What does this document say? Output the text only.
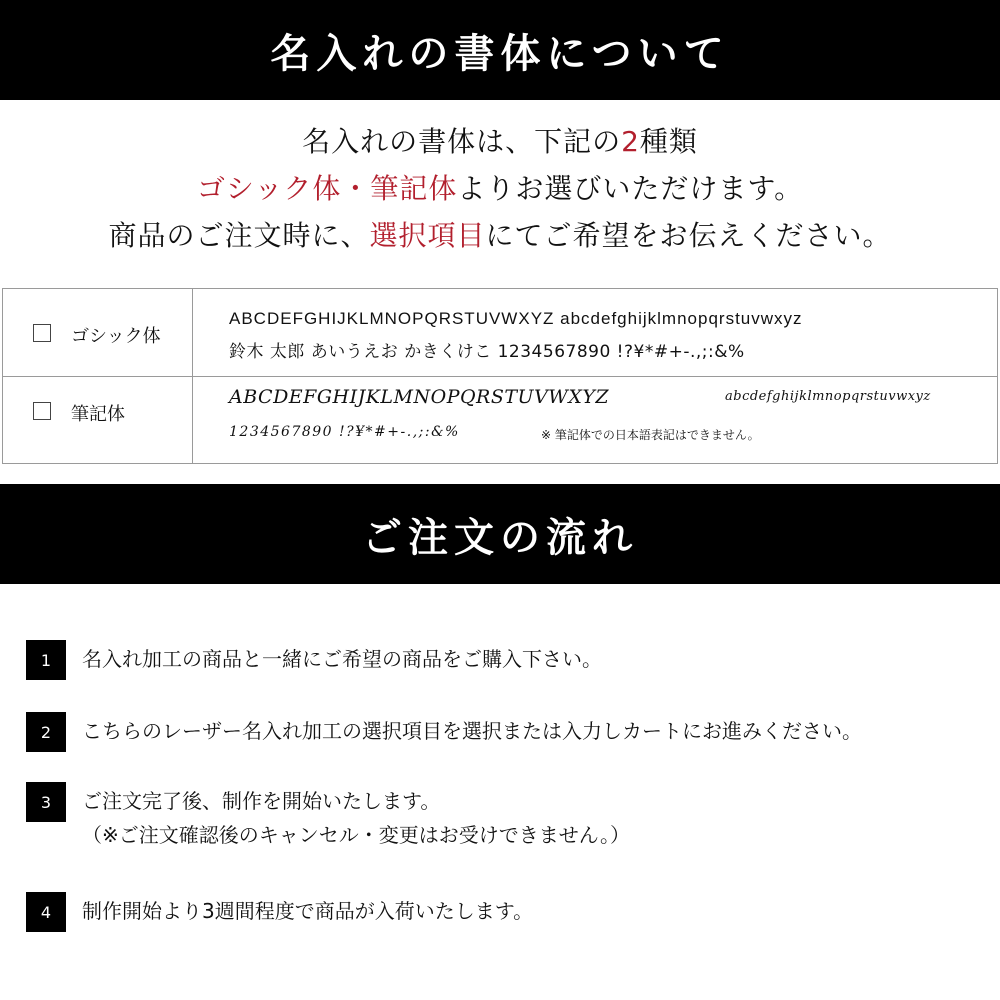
名入れの書体について
名入れの書体は、下記の2種類
ゴシック体・筆記体よりお選びいただけます。
商品のご注文時に、選択項目にてご希望をお伝えください。
ゴシック体
ABCDEFGHIJKLMNOPQRSTUVWXYZ abcdefghijklmnopqrstuvwxyz
鈴木 太郎 あいうえお かきくけこ 1234567890 !?¥*#+-.,;:&%
筆記体
ABCDEFGHIJKLMNOPQRSTUVWXYZ	abcdefghijklmnopqrstuvwxyz
1234567890 !?¥*#+-.,;:&%	※ 筆記体での日本語表記はできません。
ご注文の流れ
1	名入れ加工の商品と一緒にご希望の商品をご購入下さい。
2	こちらのレーザー名入れ加工の選択項目を選択または入力しカートにお進みください。
3	ご注文完了後、制作を開始いたします。
（※ご注文確認後のキャンセル・変更はお受けできません。）
4	制作開始より3週間程度で商品が入荷いたします。
